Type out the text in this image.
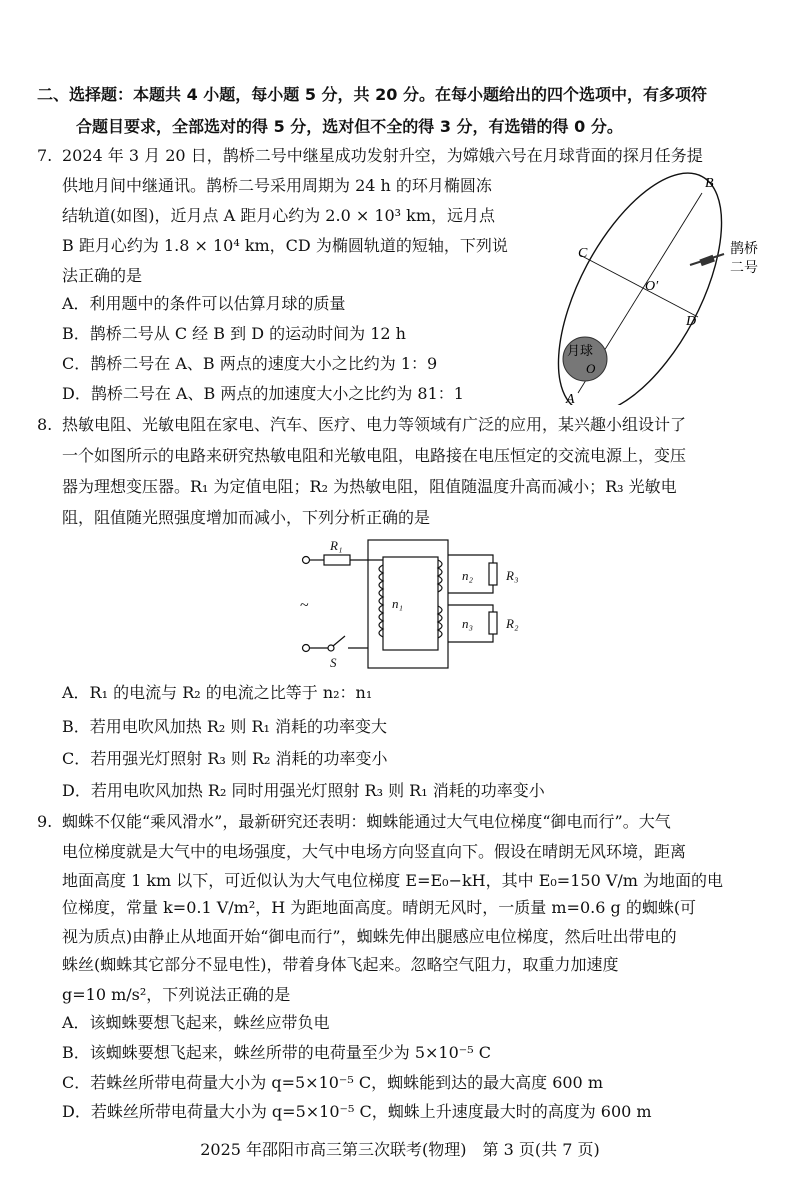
二、选择题：本题共 4 小题，每小题 5 分，共 20 分。在每小题给出的四个选项中，有多项符
合题目要求，全部选对的得 5 分，选对但不全的得 3 分，有选错的得 0 分。
7. 2024 年 3 月 20 日，鹊桥二号中继星成功发射升空，为嫦娥六号在月球背面的探月任务提
供地月间中继通讯。鹊桥二号采用周期为 24 h 的环月椭圆冻
结轨道(如图)，近月点 A 距月心约为 2.0 × 10³ km，远月点
B 距月心约为 1.8 × 10⁴ km，CD 为椭圆轨道的短轴，下列说
法正确的是
A．利用题中的条件可以估算月球的质量
B．鹊桥二号从 C 经 B 到 D 的运动时间为 12 h
C．鹊桥二号在 A、B 两点的速度大小之比约为 1：9
D．鹊桥二号在 A、B 两点的加速度大小之比约为 81：1
B
C
O′
D
月球
O
A
鹊桥
二号
8. 热敏电阻、光敏电阻在家电、汽车、医疗、电力等领域有广泛的应用，某兴趣小组设计了
一个如图所示的电路来研究热敏电阻和光敏电阻，电路接在电压恒定的交流电源上，变压
器为理想变压器。R₁ 为定值电阻；R₂ 为热敏电阻，阻值随温度升高而减小；R₃ 光敏电
阻，阻值随光照强度增加而减小，下列分析正确的是
R₁
n₁
n₂
n₃
R₃
R₂
S
~
A．R₁ 的电流与 R₂ 的电流之比等于 n₂：n₁
B．若用电吹风加热 R₂ 则 R₁ 消耗的功率变大
C．若用强光灯照射 R₃ 则 R₂ 消耗的功率变小
D．若用电吹风加热 R₂ 同时用强光灯照射 R₃ 则 R₁ 消耗的功率变小
9. 蜘蛛不仅能“乘风滑水”，最新研究还表明：蜘蛛能通过大气电位梯度“御电而行”。大气
电位梯度就是大气中的电场强度，大气中电场方向竖直向下。假设在晴朗无风环境，距离
地面高度 1 km 以下，可近似认为大气电位梯度 E=E₀−kH，其中 E₀=150 V/m 为地面的电
位梯度，常量 k=0.1 V/m²，H 为距地面高度。晴朗无风时，一质量 m=0.6 g 的蜘蛛(可
视为质点)由静止从地面开始“御电而行”，蜘蛛先伸出腿感应电位梯度，然后吐出带电的
蛛丝(蜘蛛其它部分不显电性)，带着身体飞起来。忽略空气阻力，取重力加速度
g=10 m/s²，下列说法正确的是
A．该蜘蛛要想飞起来，蛛丝应带负电
B．该蜘蛛要想飞起来，蛛丝所带的电荷量至少为 5×10⁻⁵ C
C．若蛛丝所带电荷量大小为 q=5×10⁻⁵ C，蜘蛛能到达的最大高度 600 m
D．若蛛丝所带电荷量大小为 q=5×10⁻⁵ C，蜘蛛上升速度最大时的高度为 600 m
2025 年邵阳市高三第三次联考(物理)　第 3 页(共 7 页)
